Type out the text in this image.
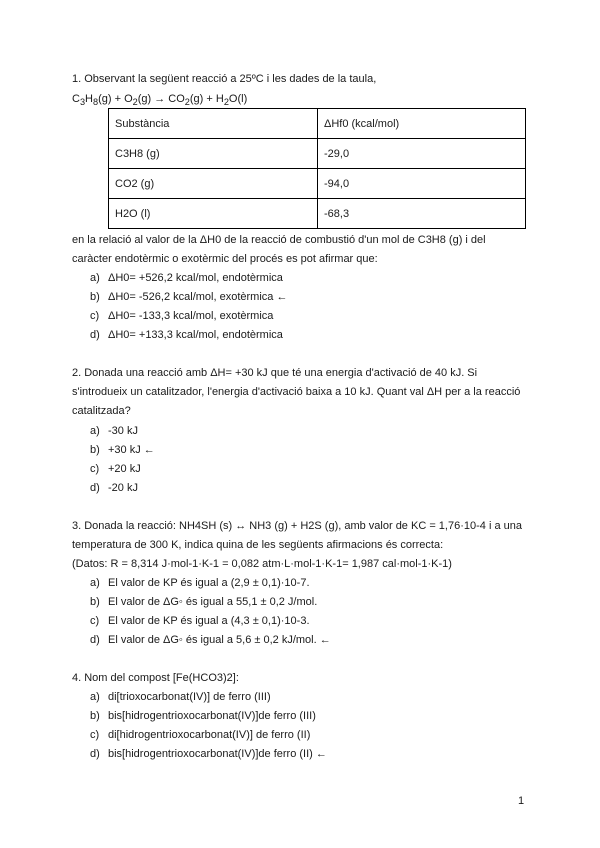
1. Observant la següent reacció a 25ºC i les dades de la taula,
$C_3H_8(g) + O_2(g) \to CO_2(g) + H_2O(l)$
Substància	ΔHf0 (kcal/mol)
C3H8 (g)	-29,0
CO2 (g)	-94,0
H2O (l)	-68,3
en la relació al valor de la ΔH0 de la reacció de combustió d'un mol de C3H8 (g) i del
caràcter endotèrmic o exotèrmic del procés es pot afirmar que:
a) ΔH0= +526,2 kcal/mol, endotèrmica
b) ΔH0= -526,2 kcal/mol, exotèrmica ←
c) ΔH0= -133,3 kcal/mol, exotèrmica
d) ΔH0= +133,3 kcal/mol, endotèrmica
2. Donada una reacció amb ΔH= +30 kJ que té una energia d'activació de 40 kJ. Si
s'introdueix un catalitzador, l'energia d'activació baixa a 10 kJ. Quant val ΔH per a la reacció
catalitzada?
a) -30 kJ
b) +30 kJ ←
c) +20 kJ
d) -20 kJ
3. Donada la reacció: NH4SH (s) ↔ NH3 (g) + H2S (g), amb valor de KC = 1,76·10-4 i a una
temperatura de 300 K, indica quina de les següents afirmacions és correcta:
(Datos: R = 8,314 J·mol-1·K-1 = 0,082 atm·L·mol-1·K-1= 1,987 cal·mol-1·K-1)
a) El valor de KP és igual a (2,9 ± 0,1)·10-7.
b) El valor de ΔG◦ és igual a 55,1 ± 0,2 J/mol.
c) El valor de KP és igual a (4,3 ± 0,1)·10-3.
d) El valor de ΔG◦ és igual a 5,6 ± 0,2 kJ/mol. ←
4. Nom del compost [Fe(HCO3)2]:
a) di[trioxocarbonat(IV)] de ferro (III)
b) bis[hidrogentrioxocarbonat(IV)]de ferro (III)
c) di[hidrogentrioxocarbonat(IV)] de ferro (II)
d) bis[hidrogentrioxocarbonat(IV)]de ferro (II) ←
1
